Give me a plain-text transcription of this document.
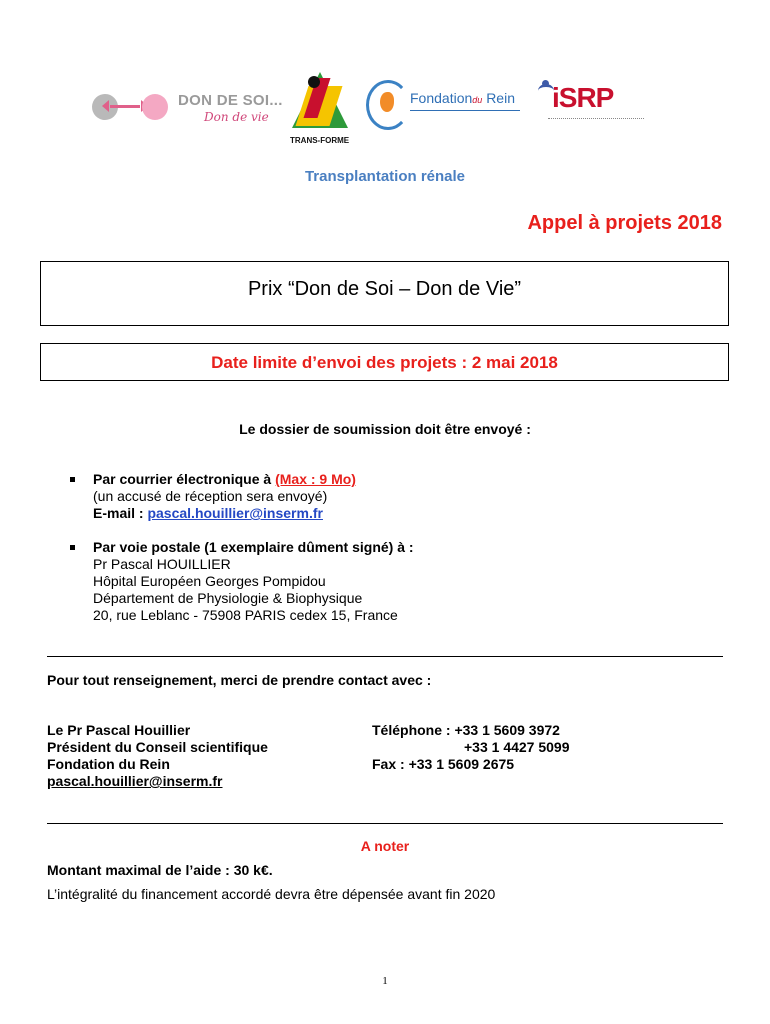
DON DE SOI...
Don de vie
TRANS-FORME
Fondationdu Rein iSRP
Transplantation rénale
Appel à projets 2018
Prix “Don de Soi – Don de Vie”
Date limite d’envoi des projets : 2 mai 2018
Le dossier de soumission doit être envoyé :
Par courrier électronique à (Max : 9 Mo)
(un accusé de réception sera envoyé)
E-mail : pascal.houillier@inserm.fr
Par voie postale (1 exemplaire dûment signé) à :
Pr Pascal HOUILLIER
Hôpital Européen Georges Pompidou
Département de Physiologie & Biophysique
20, rue Leblanc - 75908 PARIS cedex 15, France
Pour tout renseignement, merci de prendre contact avec :
Le Pr Pascal Houillier
Président du Conseil scientifique
Fondation du Rein
pascal.houillier@inserm.fr
Téléphone : +33 1 5609 3972
+33 1 4427 5099
Fax : +33 1 5609 2675
A noter
Montant maximal de l’aide : 30 k€.
L’intégralité du financement accordé devra être dépensée avant fin 2020
1
